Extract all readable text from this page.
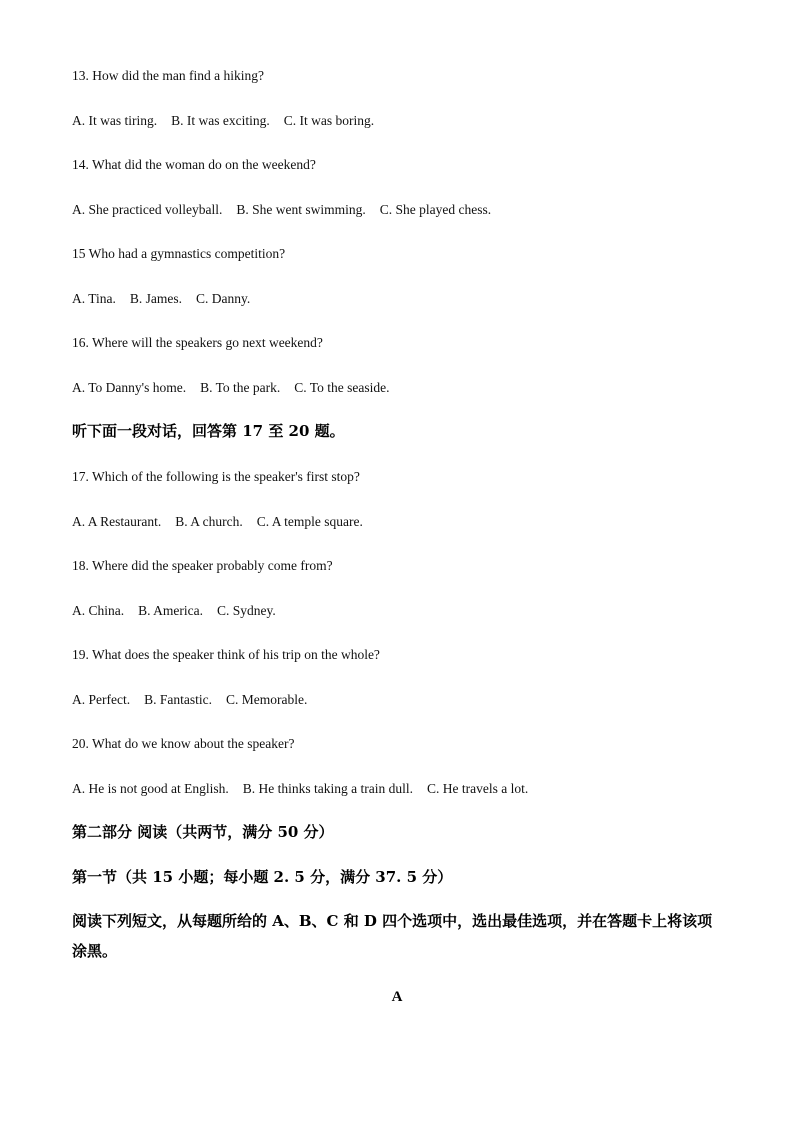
13. How did the man find a hiking?

A. It was tiring. B. It was exciting. C. It was boring.

14. What did the woman do on the weekend?

A. She practiced volleyball. B. She went swimming. C. She played chess.

15 Who had a gymnastics competition?

A. Tina. B. James. C. Danny.

16. Where will the speakers go next weekend?

A. To Danny's home. B. To the park. C. To the seaside.

听下面一段对话，回答第 17 至 20 题。

17. Which of the following is the speaker's first stop?

A. A Restaurant. B. A church. C. A temple square.

18. Where did the speaker probably come from?

A. China. B. America. C. Sydney.

19. What does the speaker think of his trip on the whole?

A. Perfect. B. Fantastic. C. Memorable.

20. What do we know about the speaker?

A. He is not good at English. B. He thinks taking a train dull. C. He travels a lot.

第二部分 阅读（共两节，满分 50 分）

第一节（共 15 小题；每小题 2. 5 分，满分 37. 5 分）

阅读下列短文，从每题所给的 A、B、C 和 D 四个选项中，选出最佳选项，并在答题卡上将该项涂黑。

A
